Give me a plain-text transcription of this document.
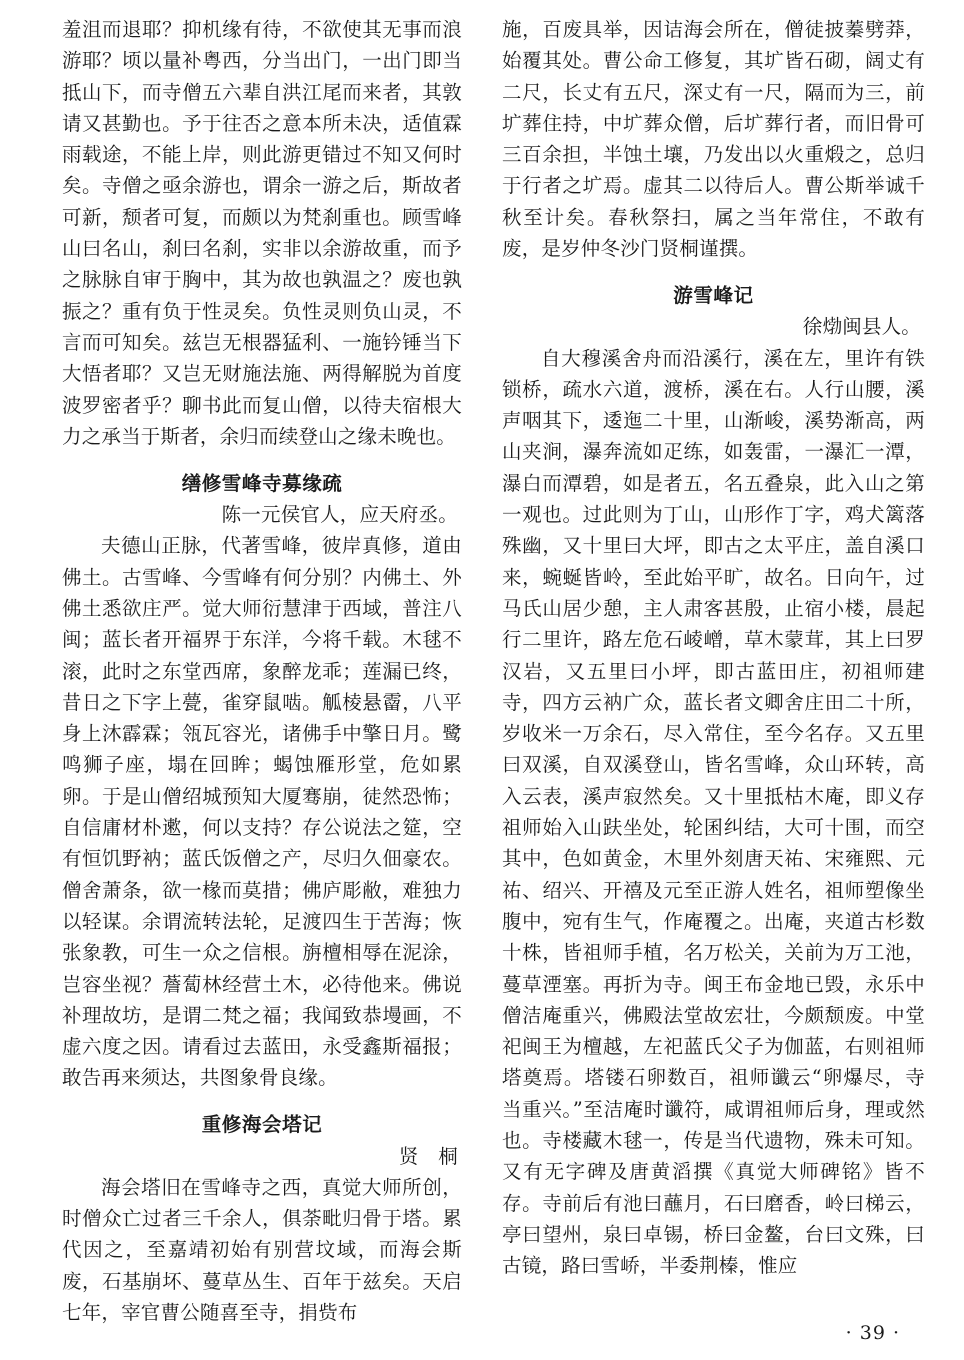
羞沮而退耶？抑机缘有待，不欲使其无事而浪游耶？顷以量补粤西，分当出门，一出门即当抵山下，而寺僧五六辈自洪江尾而来者，其敦请又甚勤也。予于往否之意本所未决，适值霖雨载途，不能上岸，则此游更错过不知又何时矣。寺僧之亟余游也，谓余一游之后，斯故者可新，颓者可复，而颇以为梵刹重也。顾雪峰山曰名山，刹曰名刹，实非以余游故重，而予之脉脉自审于胸中，其为故也孰温之？废也孰振之？重有负于性灵矣。负性灵则负山灵，不言而可知矣。兹岂无根器猛利、一施钤锤当下大悟者耶？又岂无财施法施、两得解脱为首度波罗密者乎？聊书此而复山僧，以待夫宿根大力之承当于斯者，余归而续登山之缘未晚也。

缮修雪峰寺募缘疏

陈一元侯官人，应天府丞。

夫德山正脉，代著雪峰，彼岸真修，道由佛土。古雪峰、今雪峰有何分别？内佛土、外佛土悉欲庄严。觉大师衍慧津于西域，普注八闽；蓝长者开福界于东洋，今将千载。木毬不滚，此时之东堂西席，象醉龙乖；莲漏已终，昔日之下字上甍，雀穿鼠啮。觚棱悬霤，八平身上沐霹霖；瓴瓦容光，诸佛手中擎日月。鹭鸣狮子座，塌在回眸；蝎蚀雁形堂，危如累卵。于是山僧绍城预知大厦骞崩，徒然恐怖；自信庸材朴遬，何以支持？存公说法之筵，空有恒饥野衲；蓝氏饭僧之产，尽归久佃豪农。僧舍萧条，欲一椽而莫措；佛庐彫敝，难独力以轻谋。余谓流转法轮，足渡四生于苦海；恢张象教，可生一众之信根。旃檀相辱在泥涂，岂容坐视？薝蔔林经营土木，必待他来。佛说补理故坊，是谓二梵之福；我闻致恭墁画，不虚六度之因。请看过去蓝田，永受鑫斯福报；敢告再来须达，共图象骨良缘。

重修海会塔记

贤　桐

海会塔旧在雪峰寺之西，真觉大师所创，时僧众亡过者三千余人，俱荼毗归骨于塔。累代因之，至嘉靖初始有别营坟域，而海会斯废，石基崩坏、蔓草丛生、百年于兹矣。天启七年，宰官曹公随喜至寺，捐赀布

施，百废具举，因诘海会所在，僧徒披蓁劈莽，始覆其处。曹公命工修复，其圹皆石砌，阔丈有二尺，长丈有五尺，深丈有一尺，隔而为三，前圹葬住持，中圹葬众僧，后圹葬行者，而旧骨可三百余担，半蚀土壤，乃发出以火重煅之，总归于行者之圹焉。虚其二以待后人。曹公斯举诚千秋至计矣。春秋祭扫，属之当年常住，不敢有废，是岁仲冬沙门贤桐谨撰。

游雪峰记

徐𤊹闽县人。

自大穆溪舍舟而沿溪行，溪在左，里许有铁锁桥，疏水六道，渡桥，溪在右。人行山腰，溪声咽其下，逶迤二十里，山渐峻，溪势渐高，两山夹涧，瀑奔流如疋练，如轰雷，一瀑汇一潭，瀑白而潭碧，如是者五，名五叠泉，此入山之第一观也。过此则为丁山，山形作丁字，鸡犬篱落殊幽，又十里曰大坪，即古之太平庄，盖自溪口来，蜿蜒皆岭，至此始平旷，故名。日向午，过马氏山居少憩，主人肃客甚殷，止宿小楼，晨起行二里许，路左危石崚嶒，草木蒙茸，其上曰罗汉岩，又五里曰小坪，即古蓝田庄，初祖师建寺，四方云衲广众，蓝长者文卿舍庄田二十所，岁收米一万余石，尽入常住，至今名存。又五里曰双溪，自双溪登山，皆名雪峰，众山环转，高入云表，溪声寂然矣。又十里抵枯木庵，即义存祖师始入山趺坐处，轮囷纠结，大可十围，而空其中，色如黄金，木里外刻唐天祐、宋雍熙、元祐、绍兴、开禧及元至正游人姓名，祖师塑像坐腹中，宛有生气，作庵覆之。出庵，夹道古杉数十株，皆祖师手植，名万松关，关前为万工池，蔓草湮塞。再折为寺。闽王布金地已毁，永乐中僧洁庵重兴，佛殿法堂故宏壮，今颇颓废。中堂祀闽王为檀越，左祀蓝氏父子为伽蓝，右则祖师塔奠焉。塔镂石卵数百，祖师谶云“卵爆尽，寺当重兴。”至洁庵时谶符，咸谓祖师后身，理或然也。寺楼藏木毬一，传是当代遗物，殊未可知。又有无字碑及唐黄滔撰《真觉大师碑铭》皆不存。寺前后有池曰蘸月，石曰磨香，岭曰梯云，亭曰望州，泉曰卓锡，桥曰金鳌，台曰文殊，曰古镜，路曰雪峤，半委荆榛，惟应

· 39 ·
